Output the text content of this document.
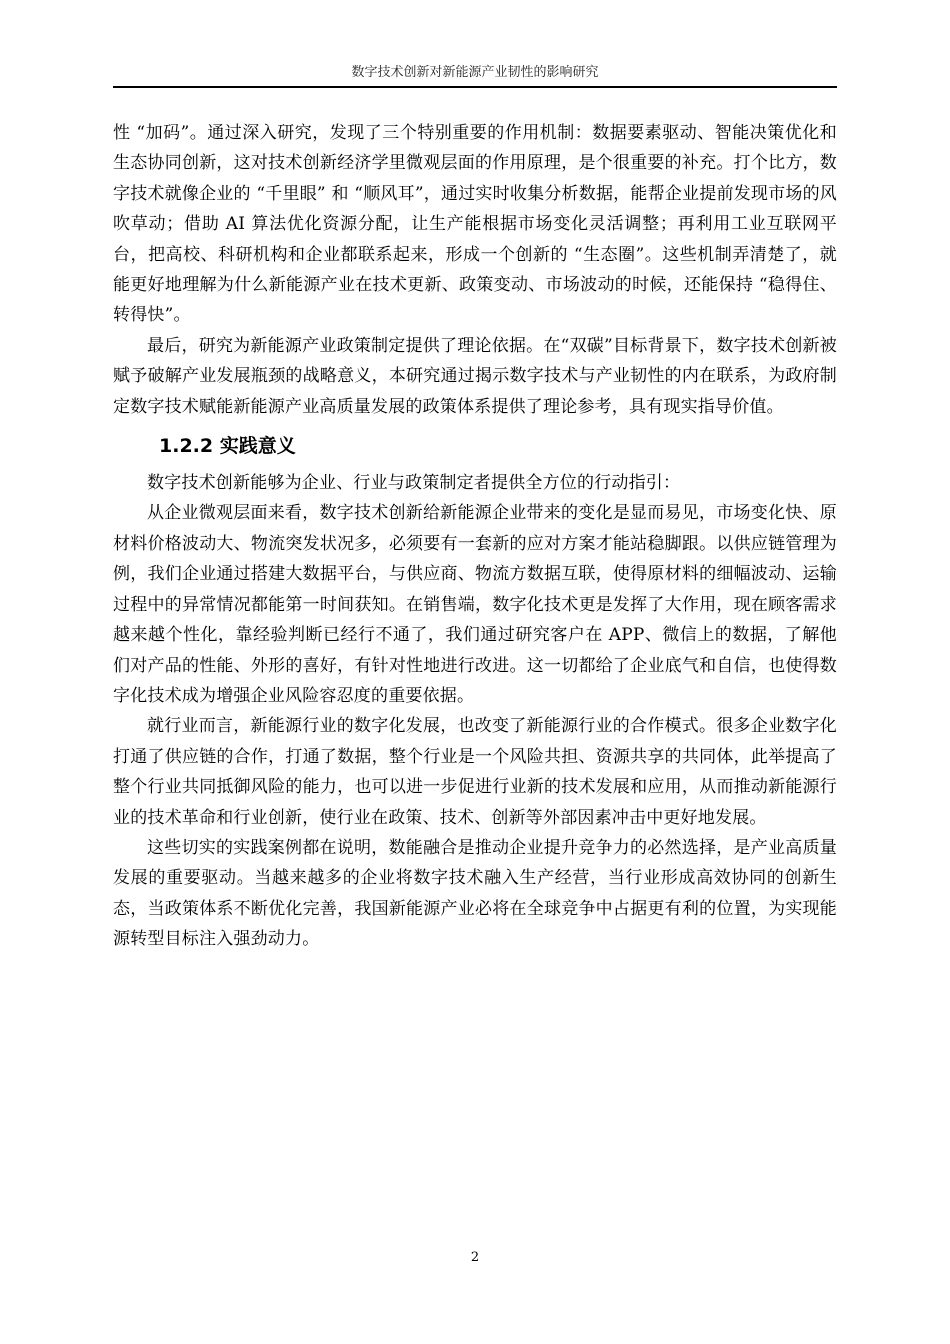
数字技术创新对新能源产业韧性的影响研究

性 “加码”。通过深入研究，发现了三个特别重要的作用机制：数据要素驱动、智能决策优化和生态协同创新，这对技术创新经济学里微观层面的作用原理，是个很重要的补充。打个比方，数字技术就像企业的 “千里眼” 和 “顺风耳”，通过实时收集分析数据，能帮企业提前发现市场的风吹草动；借助 AI 算法优化资源分配，让生产能根据市场变化灵活调整；再利用工业互联网平台，把高校、科研机构和企业都联系起来，形成一个创新的 “生态圈”。这些机制弄清楚了，就能更好地理解为什么新能源产业在技术更新、政策变动、市场波动的时候，还能保持 “稳得住、转得快”。

最后，研究为新能源产业政策制定提供了理论依据。在“双碳”目标背景下，数字技术创新被赋予破解产业发展瓶颈的战略意义，本研究通过揭示数字技术与产业韧性的内在联系，为政府制定数字技术赋能新能源产业高质量发展的政策体系提供了理论参考，具有现实指导价值。

1.2.2 实践意义

数字技术创新能够为企业、行业与政策制定者提供全方位的行动指引：

从企业微观层面来看，数字技术创新给新能源企业带来的变化是显而易见，市场变化快、原材料价格波动大、物流突发状况多，必须要有一套新的应对方案才能站稳脚跟。以供应链管理为例，我们企业通过搭建大数据平台，与供应商、物流方数据互联，使得原材料的细幅波动、运输过程中的异常情况都能第一时间获知。在销售端，数字化技术更是发挥了大作用，现在顾客需求越来越个性化，靠经验判断已经行不通了，我们通过研究客户在 APP、微信上的数据，了解他们对产品的性能、外形的喜好，有针对性地进行改进。这一切都给了企业底气和自信，也使得数字化技术成为增强企业风险容忍度的重要依据。

就行业而言，新能源行业的数字化发展，也改变了新能源行业的合作模式。很多企业数字化打通了供应链的合作，打通了数据，整个行业是一个风险共担、资源共享的共同体，此举提高了整个行业共同抵御风险的能力，也可以进一步促进行业新的技术发展和应用，从而推动新能源行业的技术革命和行业创新，使行业在政策、技术、创新等外部因素冲击中更好地发展。

这些切实的实践案例都在说明，数能融合是推动企业提升竞争力的必然选择，是产业高质量发展的重要驱动。当越来越多的企业将数字技术融入生产经营，当行业形成高效协同的创新生态，当政策体系不断优化完善，我国新能源产业必将在全球竞争中占据更有利的位置，为实现能源转型目标注入强劲动力。

2
